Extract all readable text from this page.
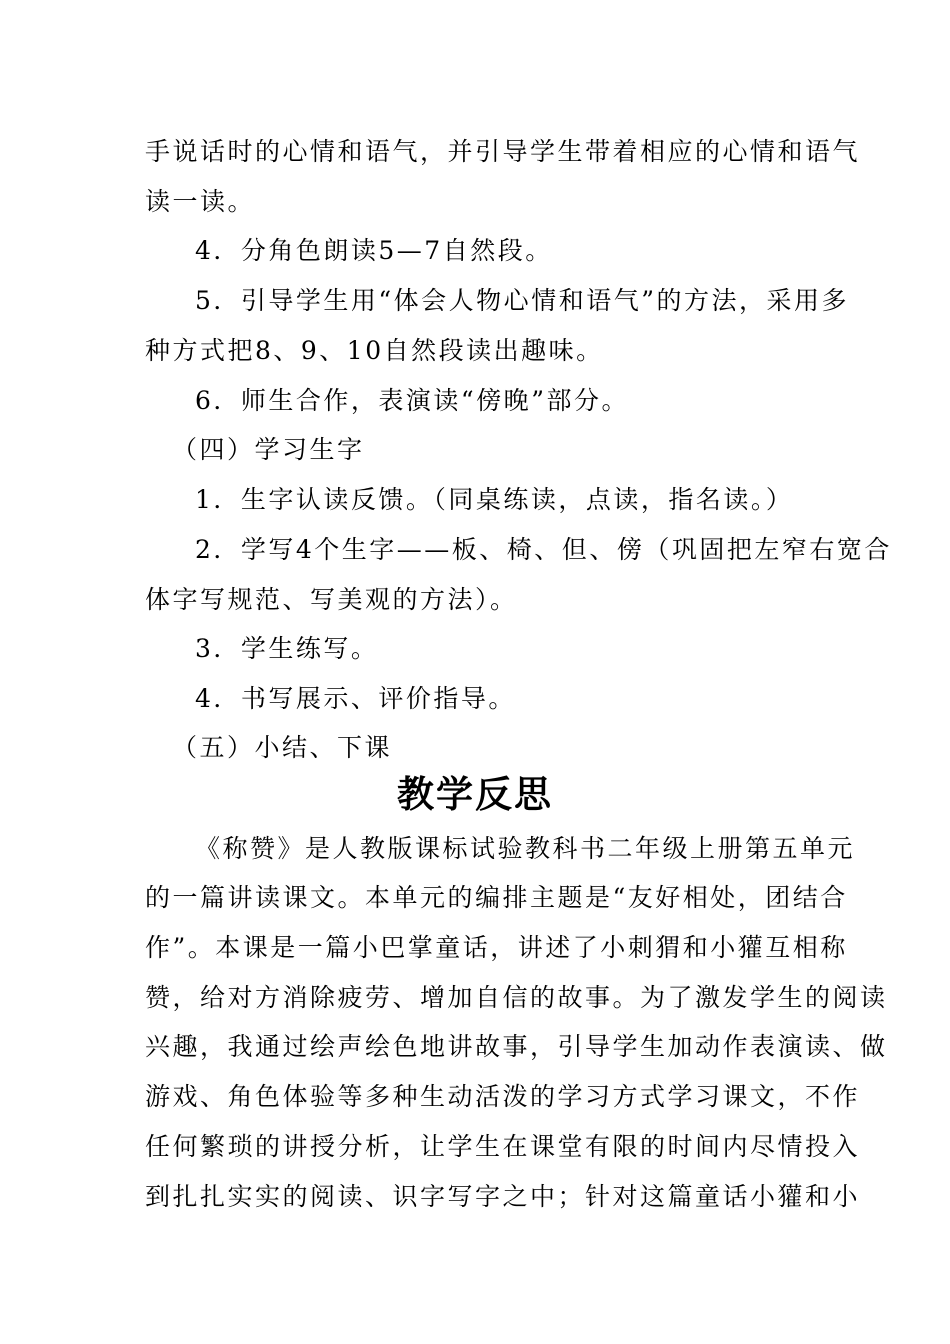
手说话时的心情和语气，并引导学生带着相应的心情和语气
读一读。
4．分角色朗读5—7自然段。
5．引导学生用“体会人物心情和语气”的方法，采用多
种方式把8、9、10自然段读出趣味。
6．师生合作，表演读“傍晚”部分。
（四）学习生字
1．生字认读反馈。（同桌练读，点读，指名读。）
2．学写4个生字——板、椅、但、傍（巩固把左窄右宽合
体字写规范、写美观的方法）。
3．学生练写。
4．书写展示、评价指导。
（五）小结、下课
教学反思
《称赞》是人教版课标试验教科书二年级上册第五单元
的一篇讲读课文。本单元的编排主题是“友好相处，团结合
作”。本课是一篇小巴掌童话，讲述了小刺猬和小獾互相称
赞，给对方消除疲劳、增加自信的故事。为了激发学生的阅读
兴趣，我通过绘声绘色地讲故事，引导学生加动作表演读、做
游戏、角色体验等多种生动活泼的学习方式学习课文，不作
任何繁琐的讲授分析，让学生在课堂有限的时间内尽情投入
到扎扎实实的阅读、识字写字之中；针对这篇童话小獾和小
